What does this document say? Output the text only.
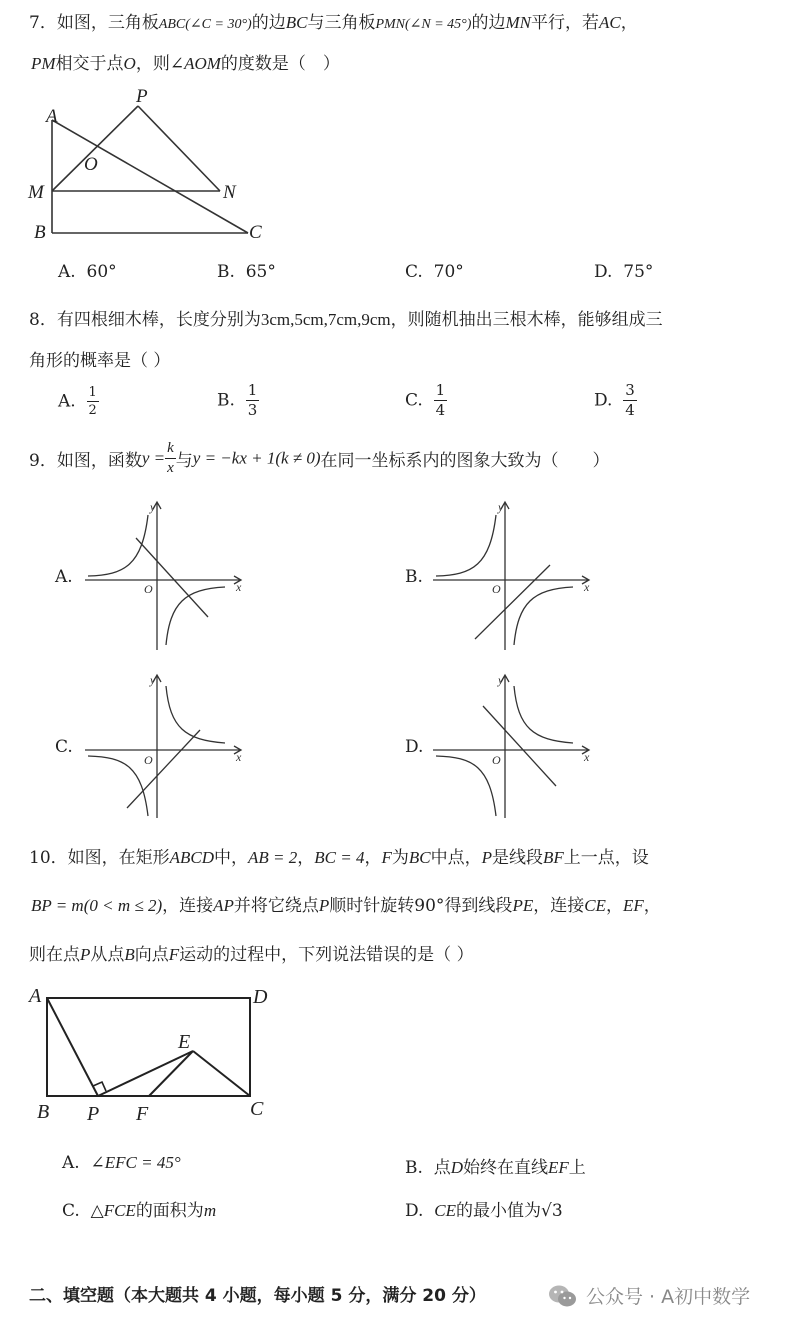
7．如图，三角板ABC(∠C = 30°)的边BC与三角板PMN(∠N = 45°)的边MN平行，若AC，
PM相交于点O，则∠AOM的度数是（　）
A
P
O
M	N
B	C
A. 60°	B. 65°	C. 70°	D. 75°
8．有四根细木棒，长度分别为3cm,5cm,7cm,9cm，则随机抽出三根木棒，能够组成三
角形的概率是（ ）
A. $\frac{1}{2}$	B. $\frac{1}{3}$	C. $\frac{1}{4}$	D. $\frac{3}{4}$
9．如图，函数$y = \frac{k}{x}$ 与y = −kx + 1(k ≠ 0)在同一坐标系内的图象大致为（　　）
A.
y
x
O
B.
y
x
O
C.
y
x
O
D.
y
x
O
10．如图，在矩形ABCD中，AB = 2，BC = 4，F为BC中点，P是线段BF上一点，设
BP = m(0 < m ≤ 2)，连接AP并将它绕点P顺时针旋转90°得到线段PE，连接CE，EF，
则在点P从点B向点F运动的过程中，下列说法错误的是（ ）
A	D
E
B P F	C
A. ∠EFC = 45°	B. 点D始终在直线EF上
C. △FCE的面积为m	D. CE的最小值为√3
二、填空题（本大题共 4 小题，每小题 5 分，满分 20 分）	公众号 · A初中数学
